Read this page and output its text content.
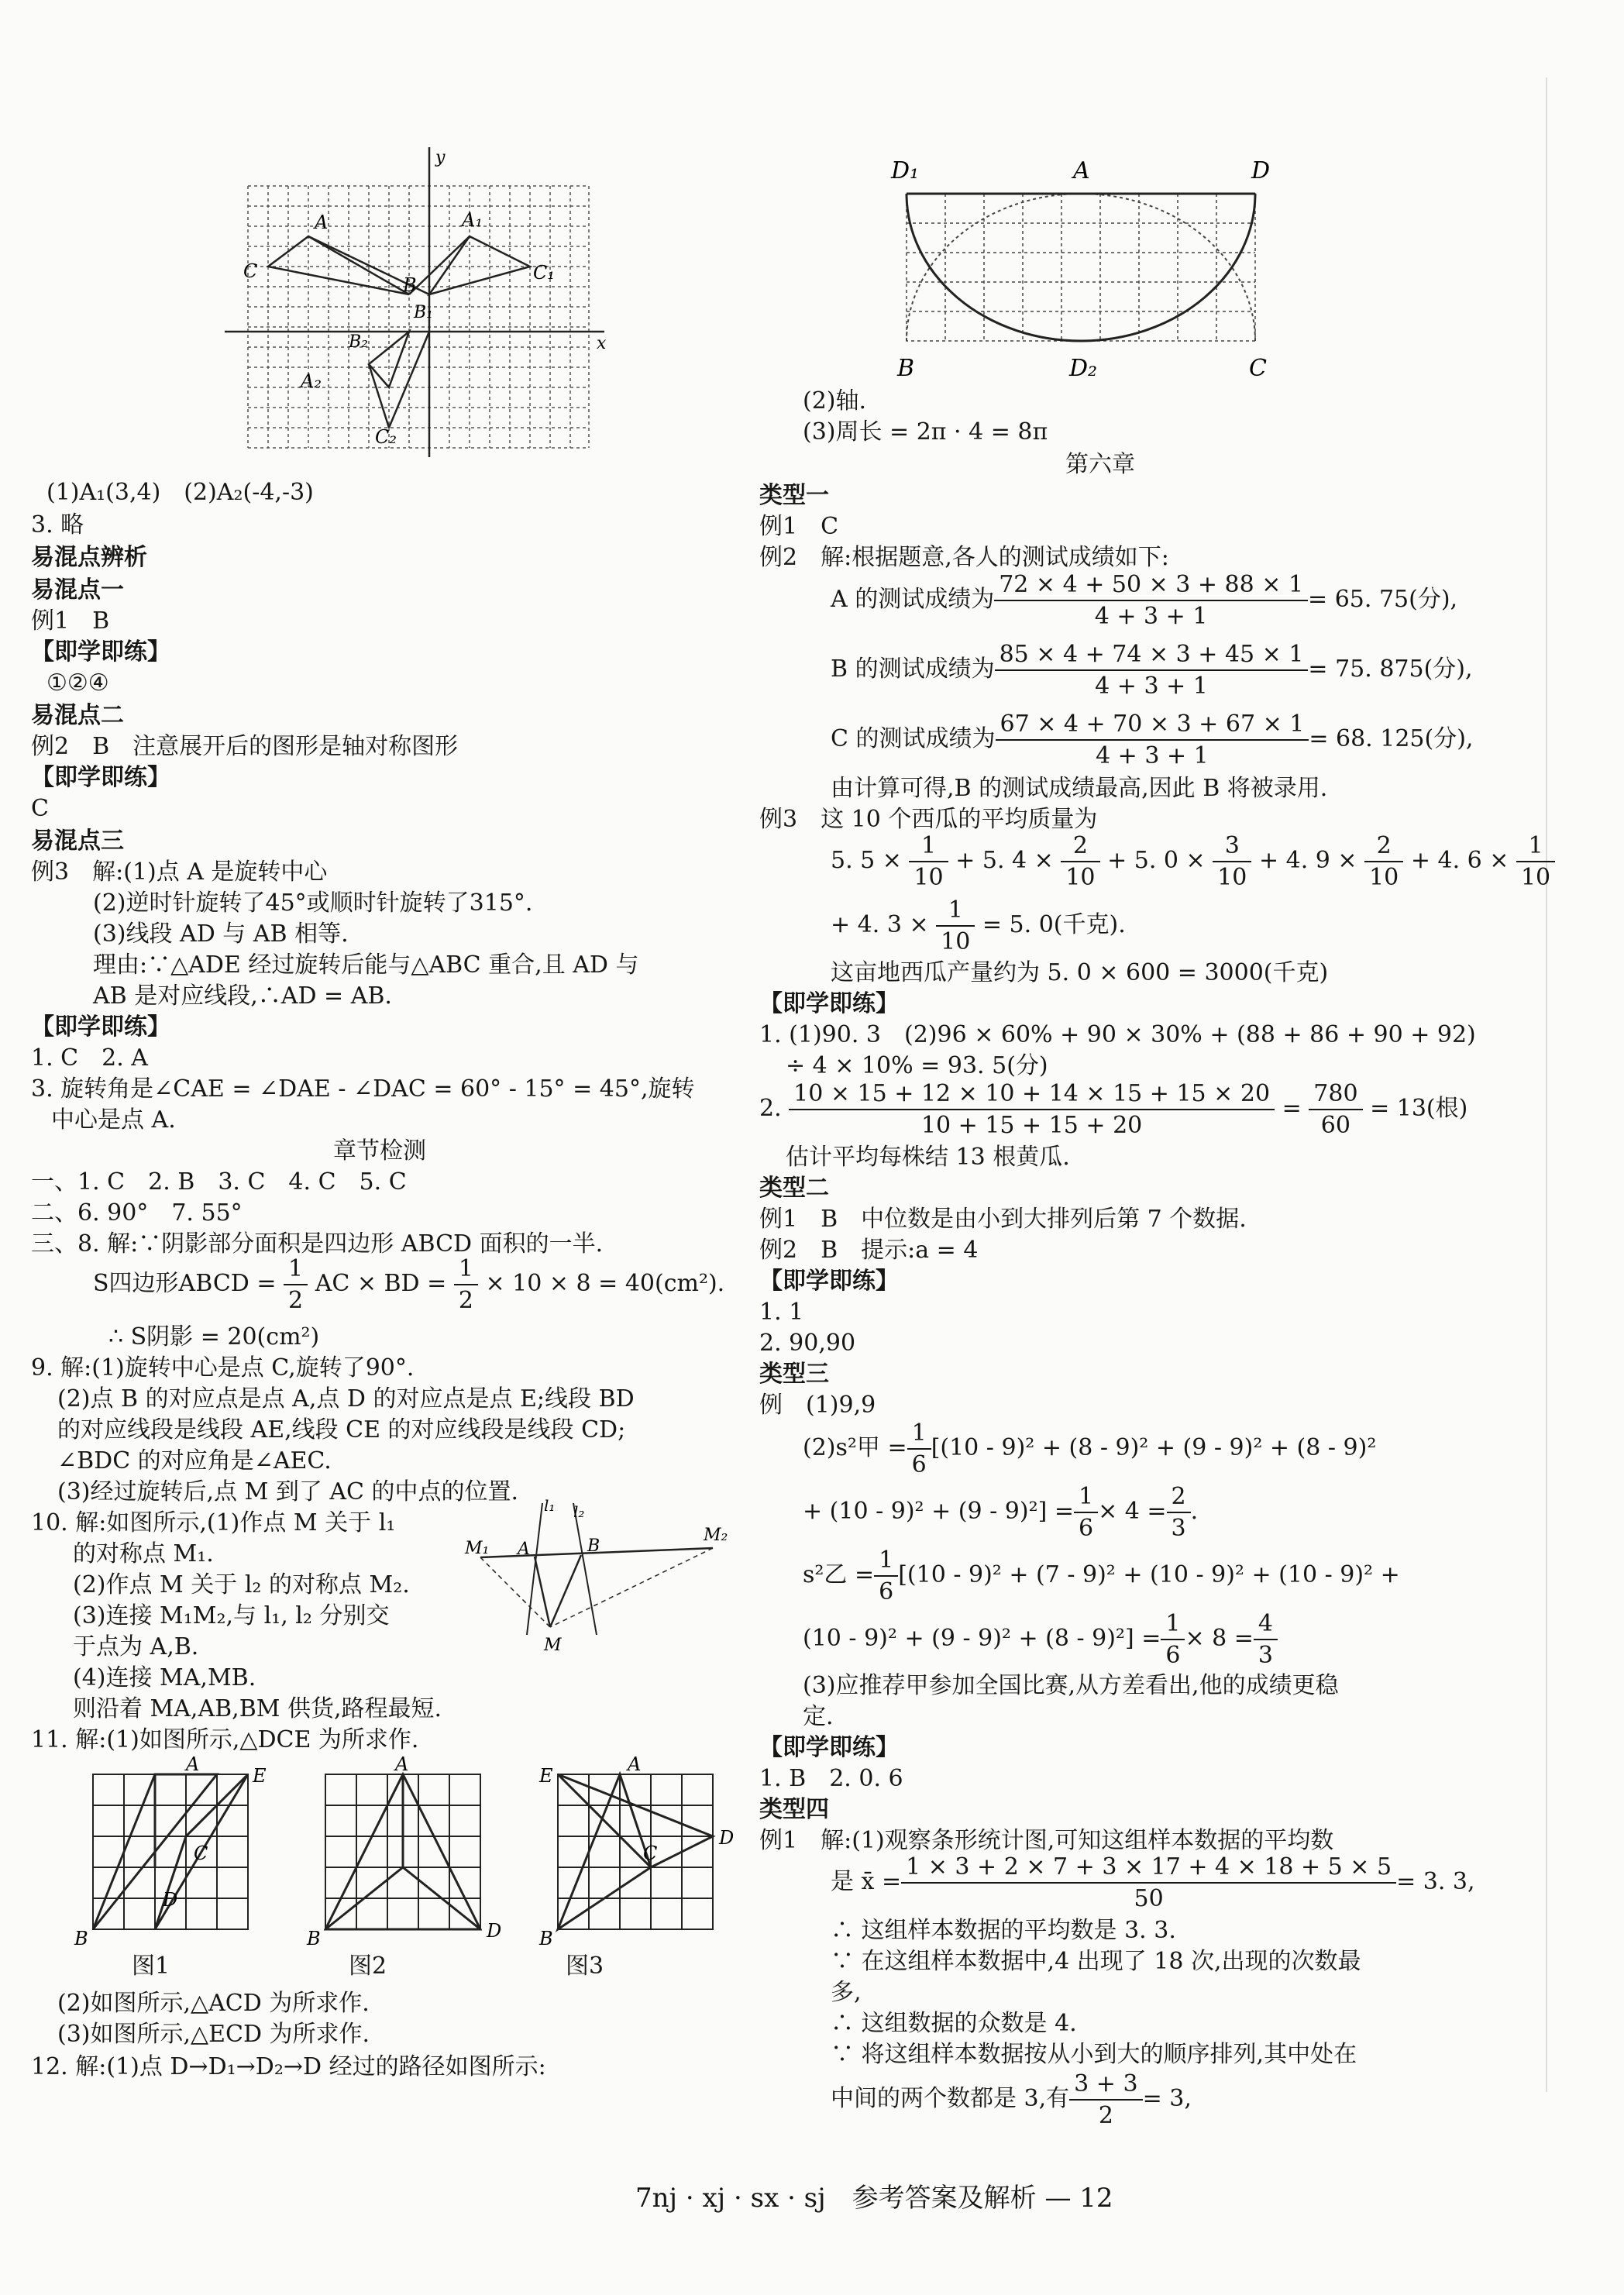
y
x
A
C
A₁
C₁
B
B₁
B₂
A₂
C₂
(1)A₁(3,4)　(2)A₂(-4,-3)
3. 略
易混点辨析
易混点一
例1　B
【即学即练】
①②④
易混点二
例2　B　注意展开后的图形是轴对称图形
【即学即练】
C
易混点三
例3　解:(1)点 A 是旋转中心
(2)逆时针旋转了45°或顺时针旋转了315°.
(3)线段 AD 与 AB 相等.
理由:∵△ADE 经过旋转后能与△ABC 重合,且 AD 与
AB 是对应线段,∴AD = AB.
【即学即练】
1. C　2. A
3. 旋转角是∠CAE = ∠DAE - ∠DAC = 60° - 15° = 45°,旋转
中心是点 A.
章节检测
一、1. C　2. B　3. C　4. C　5. C
二、6. 90°　7. 55°
三、8. 解:∵阴影部分面积是四边形 ABCD 面积的一半.
S四边形ABCD = $\frac{1}{2}$ AC × BD = $\frac{1}{2} \times 10 \times 8 = 40(cm^2)$.
∴ S阴影 = 20(cm²)
9. 解:(1)旋转中心是点 C,旋转了90°.
(2)点 B 的对应点是点 A,点 D 的对应点是点 E;线段 BD
的对应线段是线段 AE,线段 CE 的对应线段是线段 CD;
∠BDC 的对应角是∠AEC.
(3)经过旋转后,点 M 到了 AC 的中点的位置.
10. 解:如图所示,(1)作点 M 关于 l₁
的对称点 M₁.
(2)作点 M 关于 l₂ 的对称点 M₂.
(3)连接 M₁M₂,与 l₁, l₂ 分别交
于点为 A,B.
(4)连接 MA,MB.
则沿着 MA,AB,BM 供货,路程最短.
M₁
M₂
A	B
M
l₁ l₂
11. 解:(1)如图所示,△DCE 为所求作.
A
E
C
D
B
A
B	D
A
E
C
D
B
图1	图2	图3
(2)如图所示,△ACD 为所求作.
(3)如图所示,△ECD 为所求作.
12. 解:(1)点 D→D₁→D₂→D 经过的路径如图所示:
D₁	A	D
B	D₂	C
(2)轴.
(3)周长 = 2π · 4 = 8π
第六章
类型一
例1　C
例2　解:根据题意,各人的测试成绩如下:
A 的测试成绩为 $\frac{72 \times 4 + 50 \times 3 + 88 \times 1}{4 + 3 + 1} = 65$. 75(分),
B 的测试成绩为 $\frac{85 \times 4 + 74 \times 3 + 45 \times 1}{4 + 3 + 1} = 75$. 875(分),
C 的测试成绩为 $\frac{67 \times 4 + 70 \times 3 + 67 \times 1}{4 + 3 + 1} = 68$. 125(分),
由计算可得,B 的测试成绩最高,因此 B 将被录用.
例3　这 10 个西瓜的平均质量为
5. $5 \times \frac{1}{10} + 5$. $4 \times \frac{2}{10} + 5$. $0 \times \frac{3}{10} + 4$. $9 \times \frac{2}{10} + 4$. $6 \times \frac{1}{10}$
+ 4. $3 \times \frac{1}{10} = 5$. 0(千克).
这亩地西瓜产量约为 5. 0 × 600 = 3000(千克)
【即学即练】
1. (1)90. 3　(2)96 × 60% + 90 × 30% + (88 + 86 + 90 + 92)
÷ 4 × 10% = 93. 5(分)
2. $\frac{10 \times 15 + 12 \times 10 + 14 \times 15 + 15 \times 20}{10 + 15 + 15 + 20} = \frac{780}{60} = 13$(根)
估计平均每株结 13 根黄瓜.
类型二
例1　B　中位数是由小到大排列后第 7 个数据.
例2　B　提示:a = 4
【即学即练】
1. 1
2. 90,90
类型三
例　(1)9,9
(2)s²甲 = $\frac{1}{6} [(10 - 9)^2 + (8 - 9)^2 + (9 - 9)^2 + (8 - 9)^2$
+ $(10 - 9)^2 + (9 - 9)^2] = \frac{1}{6} \times 4 = \frac{2}{3}$ .
s²乙 = $\frac{1}{6} [(10 - 9)^2 + (7 - 9)^2 + (10 - 9)^2 + (10 - 9)^2$ +
$(10 - 9)^2 + (9 - 9)^2 + (8 - 9)^2] = \frac{1}{6} \times 8 = \frac{4}{3}$
(3)应推荐甲参加全国比赛,从方差看出,他的成绩更稳
定.
【即学即练】
1. B　2. 0. 6
类型四
例1　解:(1)观察条形统计图,可知这组样本数据的平均数
是 x̄ = $\frac{1 \times 3 + 2 \times 7 + 3 \times 17 + 4 \times 18 + 5 \times 5}{50} = 3$. 3,
∴ 这组样本数据的平均数是 3. 3.
∵ 在这组样本数据中,4 出现了 18 次,出现的次数最
多,
∴ 这组数据的众数是 4.
∵ 将这组样本数据按从小到大的顺序排列,其中处在
中间的两个数都是 3,有 $\frac{3 + 3}{2} = 3$,
7nj · xj · sx · sj　参考答案及解析 — 12
